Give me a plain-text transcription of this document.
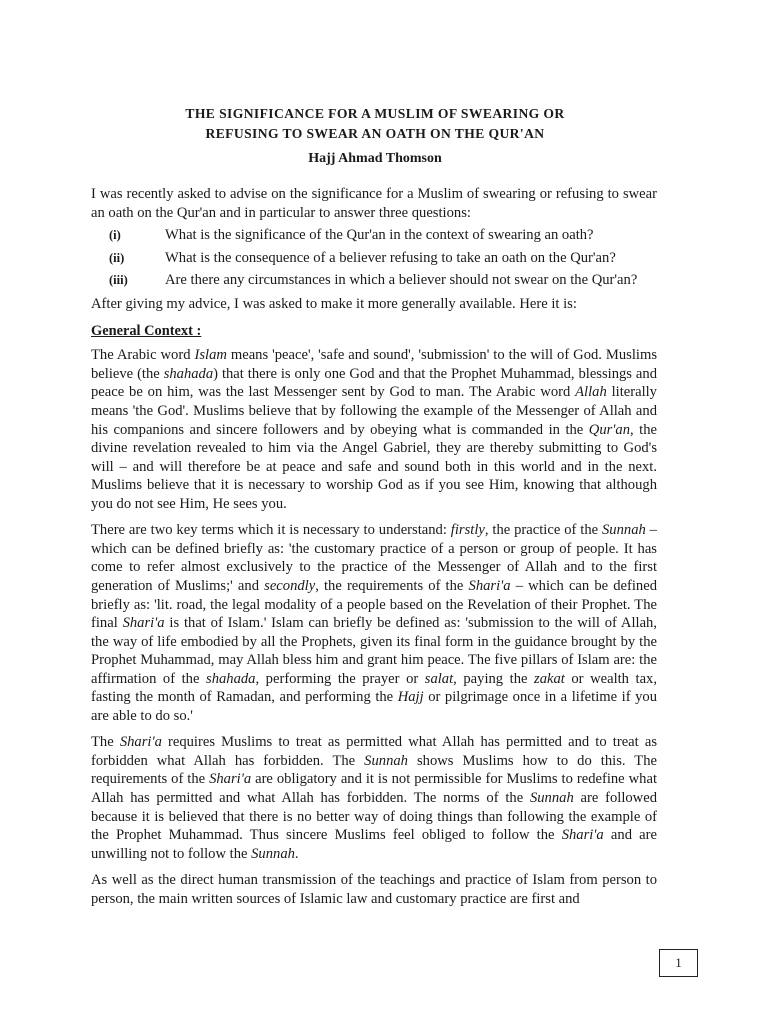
THE SIGNIFICANCE FOR A MUSLIM OF SWEARING OR
REFUSING TO SWEAR AN OATH ON THE QUR'AN
Hajj Ahmad Thomson

I was recently asked to advise on the significance for a Muslim of swearing or refusing to swear an oath on the Qur'an and in particular to answer three questions:

(i)	What is the significance of the Qur'an in the context of swearing an oath?
(ii)	What is the consequence of a believer refusing to take an oath on the Qur'an?
(iii)	Are there any circumstances in which a believer should not swear on the Qur'an?

After giving my advice, I was asked to make it more generally available. Here it is:

General Context :

The Arabic word Islam means 'peace', 'safe and sound', 'submission' to the will of God. Muslims believe (the shahada) that there is only one God and that the Prophet Muhammad, blessings and peace be on him, was the last Messenger sent by God to man. The Arabic word Allah literally means 'the God'. Muslims believe that by following the example of the Messenger of Allah and his companions and sincere followers and by obeying what is commanded in the Qur'an, the divine revelation revealed to him via the Angel Gabriel, they are thereby submitting to God's will – and will therefore be at peace and safe and sound both in this world and in the next. Muslims believe that it is necessary to worship God as if you see Him, knowing that although you do not see Him, He sees you.

There are two key terms which it is necessary to understand: firstly, the practice of the Sunnah – which can be defined briefly as: 'the customary practice of a person or group of people. It has come to refer almost exclusively to the practice of the Messenger of Allah and to the first generation of Muslims;' and secondly, the requirements of the Shari'a – which can be defined briefly as: 'lit. road, the legal modality of a people based on the Revelation of their Prophet. The final Shari'a is that of Islam.' Islam can briefly be defined as: 'submission to the will of Allah, the way of life embodied by all the Prophets, given its final form in the guidance brought by the Prophet Muhammad, may Allah bless him and grant him peace. The five pillars of Islam are: the affirmation of the shahada, performing the prayer or salat, paying the zakat or wealth tax, fasting the month of Ramadan, and performing the Hajj or pilgrimage once in a lifetime if you are able to do so.'

The Shari'a requires Muslims to treat as permitted what Allah has permitted and to treat as forbidden what Allah has forbidden. The Sunnah shows Muslims how to do this. The requirements of the Shari'a are obligatory and it is not permissible for Muslims to redefine what Allah has permitted and what Allah has forbidden. The norms of the Sunnah are followed because it is believed that there is no better way of doing things than following the example of the Prophet Muhammad. Thus sincere Muslims feel obliged to follow the Shari'a and are unwilling not to follow the Sunnah.

As well as the direct human transmission of the teachings and practice of Islam from person to person, the main written sources of Islamic law and customary practice are first and

1
